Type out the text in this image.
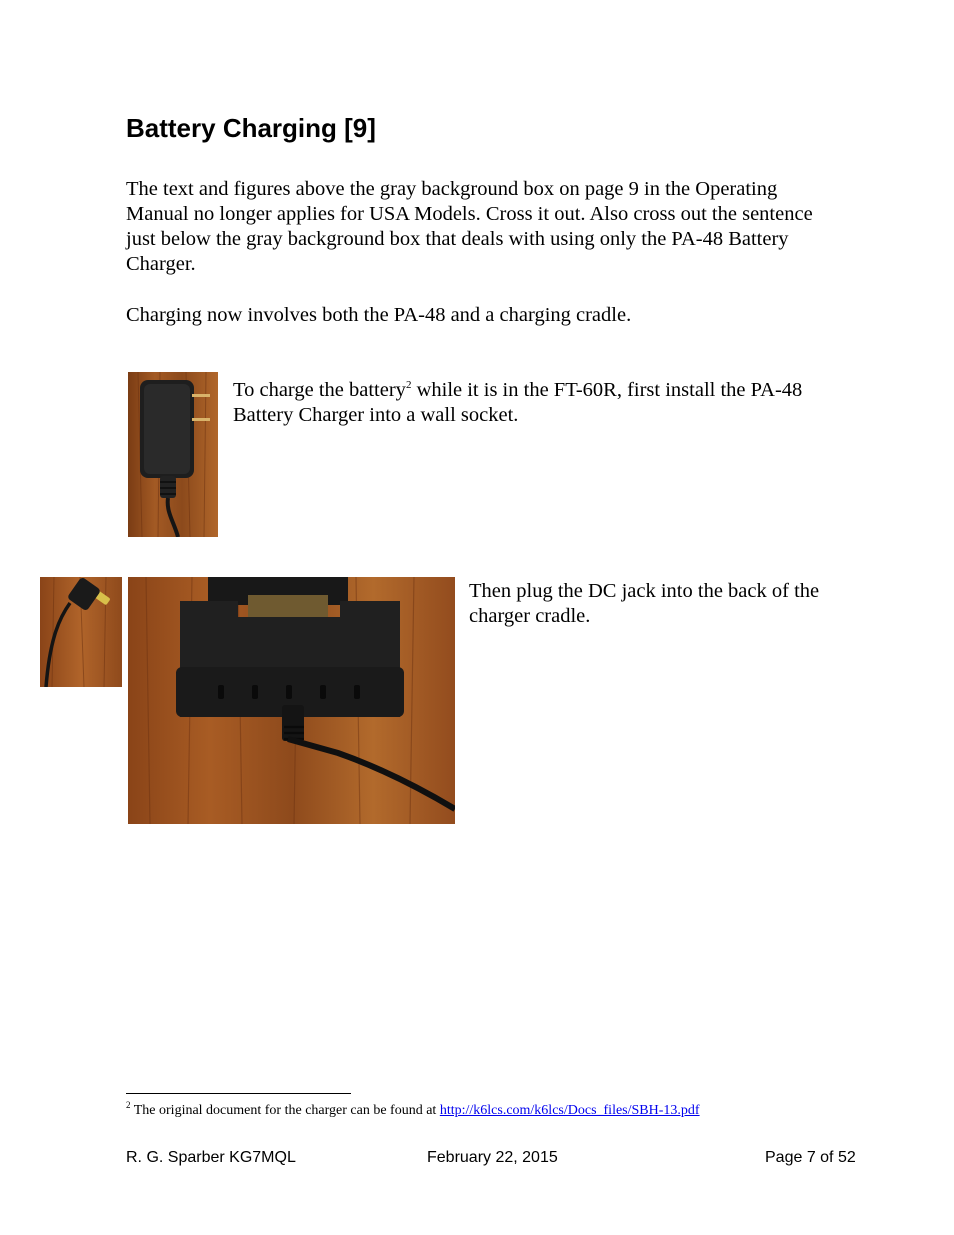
Battery Charging [9]

The text and figures above the gray background box on page 9 in the Operating Manual no longer applies for USA Models. Cross it out. Also cross out the sentence just below the gray background box that deals with using only the PA-48 Battery Charger.

Charging now involves both the PA-48 and a charging cradle.

To charge the battery$^2$ while it is in the FT-60R, first install the PA-48 Battery Charger into a wall socket.

Then plug the DC jack into the back of the charger cradle.

$^2$ The original document for the charger can be found at http://k6lcs.com/k6lcs/Docs_files/SBH-13.pdf
R. G. Sparber KG7MQL	February 22, 2015	Page 7 of 52
